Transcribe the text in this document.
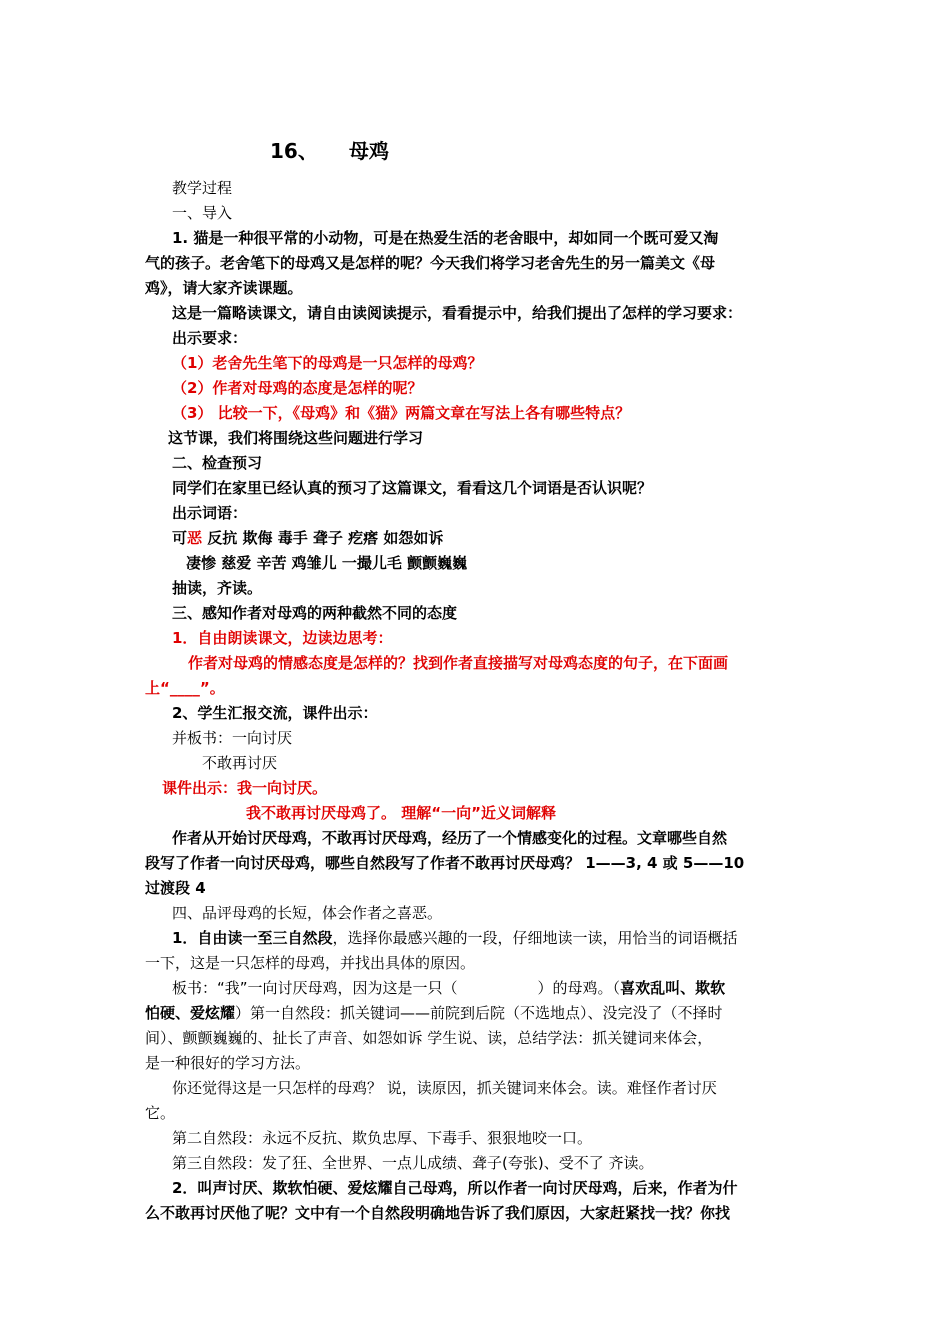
16、 母鸡
教学过程
一、导入
1. 猫是一种很平常的小动物，可是在热爱生活的老舍眼中，却如同一个既可爱又淘
气的孩子。老舍笔下的母鸡又是怎样的呢？今天我们将学习老舍先生的另一篇美文《母
鸡》，请大家齐读课题。
这是一篇略读课文，请自由读阅读提示，看看提示中，给我们提出了怎样的学习要求：
出示要求：
（1）老舍先生笔下的母鸡是一只怎样的母鸡？
（2）作者对母鸡的态度是怎样的呢？
（3） 比较一下，《母鸡》和《猫》两篇文章在写法上各有哪些特点？
这节课，我们将围绕这些问题进行学习
二、检查预习
同学们在家里已经认真的预习了这篇课文，看看这几个词语是否认识呢？
出示词语：
可恶 反抗 欺侮 毒手 聋子 疙瘩 如怨如诉
凄惨 慈爱 辛苦 鸡雏儿 一撮儿毛 颤颤巍巍
抽读，齐读。
三、感知作者对母鸡的两种截然不同的态度
1．自由朗读课文，边读边思考：
作者对母鸡的情感态度是怎样的？找到作者直接描写对母鸡态度的句子，在下面画
上“____”。
2、学生汇报交流，课件出示：
并板书：一向讨厌
不敢再讨厌
课件出示：我一向讨厌。
我不敢再讨厌母鸡了。 理解“一向”近义词解释
作者从开始讨厌母鸡，不敢再讨厌母鸡，经历了一个情感变化的过程。文章哪些自然
段写了作者一向讨厌母鸡，哪些自然段写了作者不敢再讨厌母鸡？ 1——3, 4 或 5——10
过渡段 4
四、品评母鸡的长短，体会作者之喜恶。
1．自由读一至三自然段，选择你最感兴趣的一段，仔细地读一读，用恰当的词语概括
一下，这是一只怎样的母鸡，并找出具体的原因。
板书：“我”一向讨厌母鸡，因为这是一只（	）的母鸡。（喜欢乱叫、欺软
怕硬、爱炫耀）第一自然段：抓关键词——前院到后院（不选地点）、没完没了（不择时
间）、颤颤巍巍的、扯长了声音、如怨如诉 学生说、读，总结学法：抓关键词来体会，
是一种很好的学习方法。
你还觉得这是一只怎样的母鸡？ 说，读原因，抓关键词来体会。读。难怪作者讨厌
它。
第二自然段：永远不反抗、欺负忠厚、下毒手、狠狠地咬一口。
第三自然段：发了狂、全世界、一点儿成绩、聋子(夸张)、受不了 齐读。
2．叫声讨厌、欺软怕硬、爱炫耀自己母鸡，所以作者一向讨厌母鸡，后来，作者为什
么不敢再讨厌他了呢？文中有一个自然段明确地告诉了我们原因，大家赶紧找一找？你找
